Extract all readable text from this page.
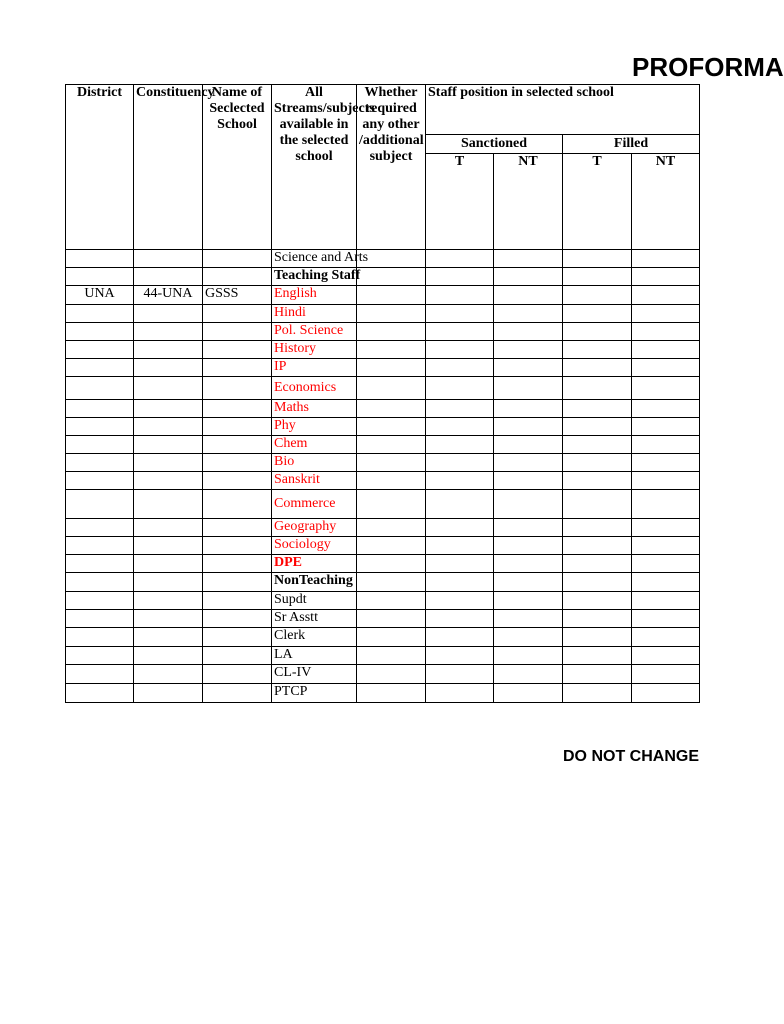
PROFORMA
District	Constituency	Name of Seclected School	All Streams/subjects available in the selected school	Whether required any other /additional subject	Staff position in selected school			
					Sanctioned		Filled	
					T	NT	T	NT
			Science and Arts					
			Teaching Staff					
UNA	44-UNA	GSSS	English					
			Hindi					
			Pol. Science					
			History					
			IP					
			Economics					
			Maths					
			Phy					
			Chem					
			Bio					
			Sanskrit					
			Commerce					
			Geography					
			Sociology					
			DPE					
			NonTeaching					
			Supdt					
			Sr Asstt					
			Clerk					
			LA					
			CL-IV					
			PTCP					
DO NOT CHANGE
